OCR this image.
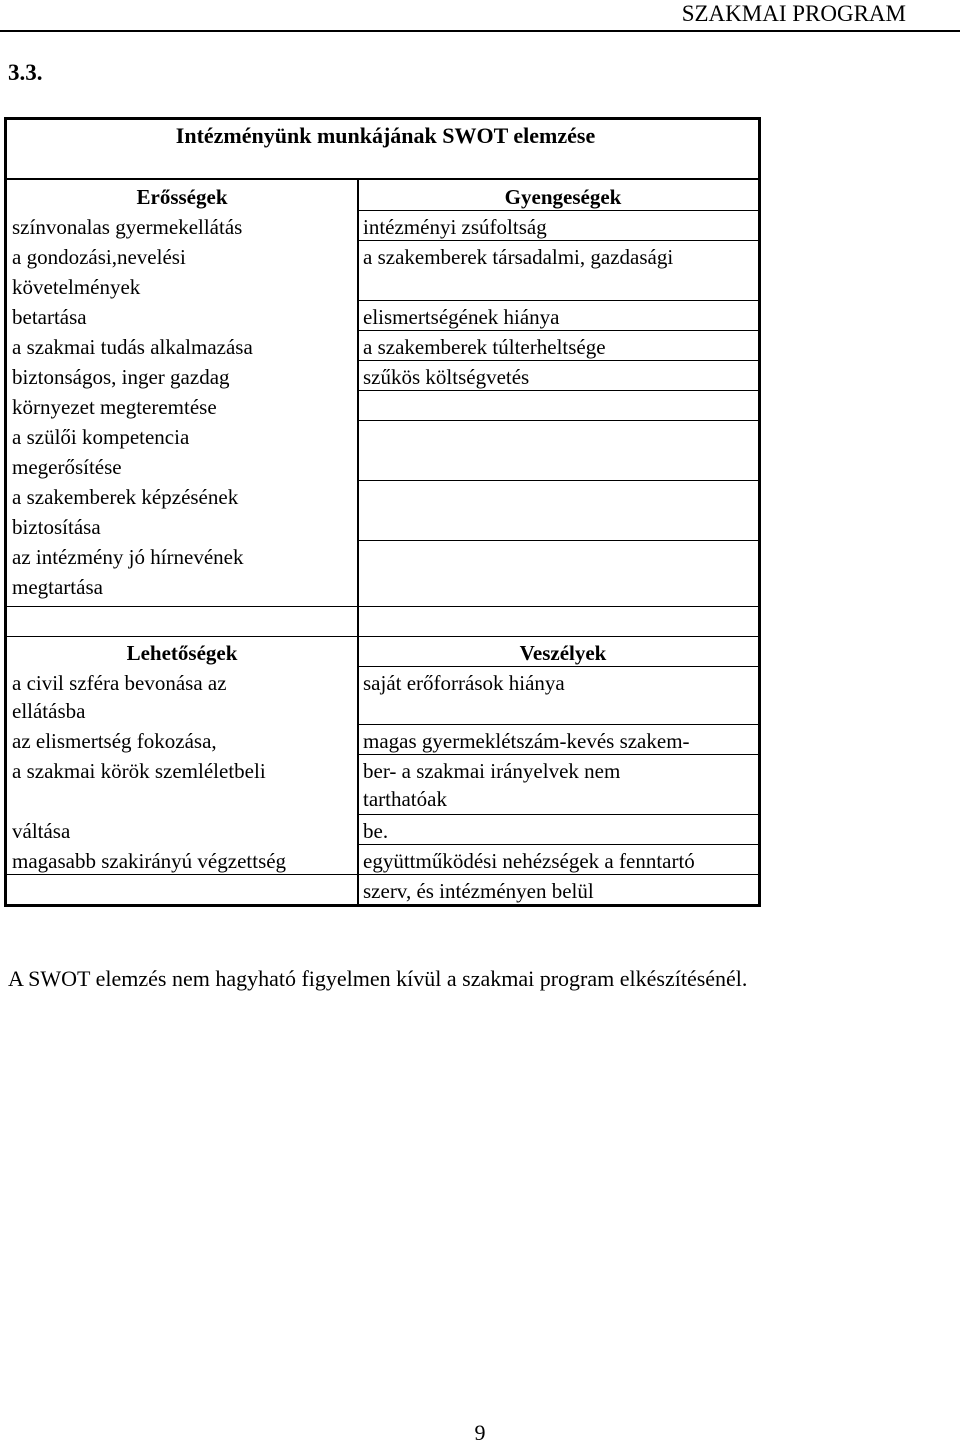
SZAKMAI PROGRAM
3.3.
Intézményünk munkájának SWOT elemzése
Erősségek
színvonalas gyermekellátás
a gondozási,nevelési
követelmények
betartása
a szakmai tudás alkalmazása
biztonságos, inger gazdag
környezet megteremtése
a szülői kompetencia
megerősítése
a szakemberek képzésének
biztosítása
az intézmény jó hírnevének
megtartása
Gyengeségek
intézményi zsúfoltság
a szakemberek társadalmi, gazdasági
elismertségének hiánya
a szakemberek túlterheltsége
szűkös költségvetés
Lehetőségek
a civil szféra bevonása az
ellátásba
az elismertség fokozása,
a szakmai körök szemléletbeli
váltása
magasabb szakirányú végzettség
Veszélyek
saját erőforrások hiánya
magas gyermeklétszám-kevés szakem-
ber- a szakmai irányelvek nem
tarthatóak
be.
együttműködési nehézségek a fenntartó
szerv, és intézményen belül
A SWOT elemzés nem hagyható figyelmen kívül a szakmai program elkészítésénél.
9
